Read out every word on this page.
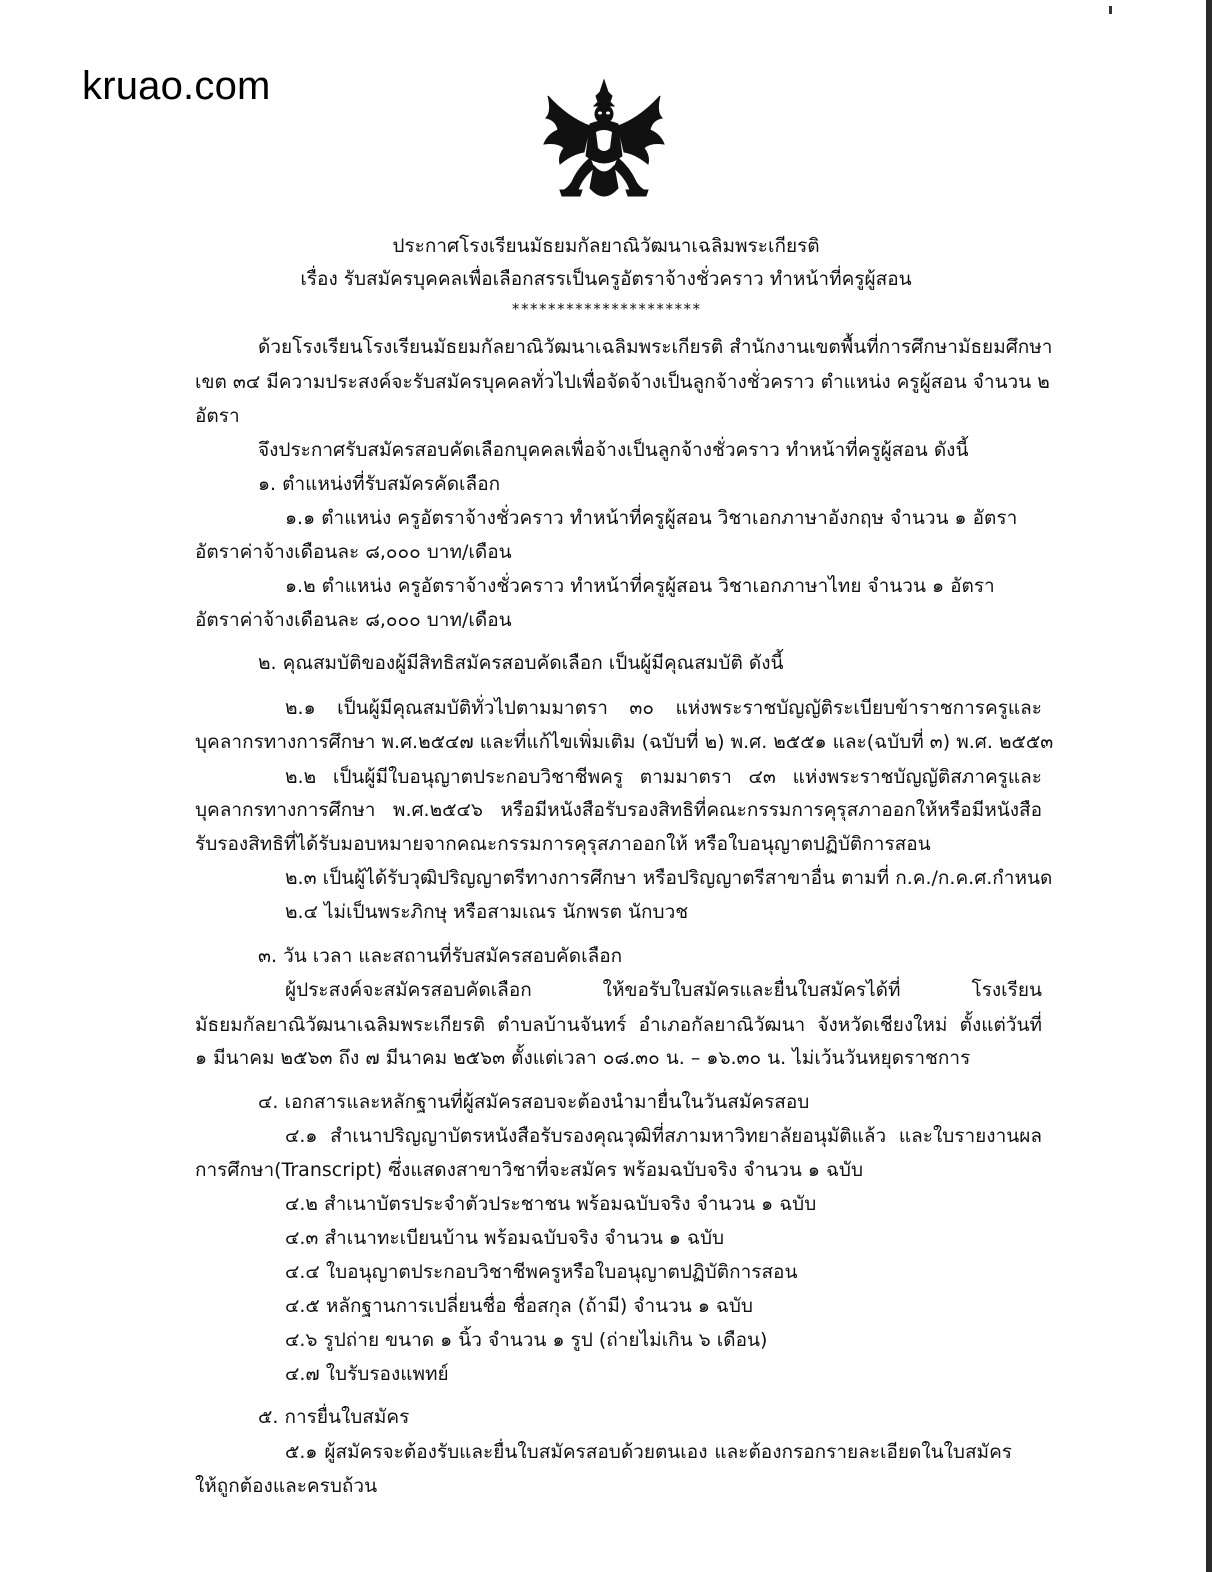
kruao.com
ประกาศโรงเรียนมัธยมกัลยาณิวัฒนาเฉลิมพระเกียรติ
เรื่อง รับสมัครบุคคลเพื่อเลือกสรรเป็นครูอัตราจ้างชั่วคราว ทำหน้าที่ครูผู้สอน
*********************
ด้วยโรงเรียนโรงเรียนมัธยมกัลยาณิวัฒนาเฉลิมพระเกียรติ สำนักงานเขตพื้นที่การศึกษามัธยมศึกษา
เขต ๓๔ มีความประสงค์จะรับสมัครบุคคลทั่วไปเพื่อจัดจ้างเป็นลูกจ้างชั่วคราว ตำแหน่ง ครูผู้สอน จำนวน ๒
อัตรา
จึงประกาศรับสมัครสอบคัดเลือกบุคคลเพื่อจ้างเป็นลูกจ้างชั่วคราว ทำหน้าที่ครูผู้สอน ดังนี้
๑. ตำแหน่งที่รับสมัครคัดเลือก
๑.๑ ตำแหน่ง ครูอัตราจ้างชั่วคราว ทำหน้าที่ครูผู้สอน วิชาเอกภาษาอังกฤษ จำนวน ๑ อัตรา
อัตราค่าจ้างเดือนละ ๘,๐๐๐ บาท/เดือน
๑.๒ ตำแหน่ง ครูอัตราจ้างชั่วคราว ทำหน้าที่ครูผู้สอน วิชาเอกภาษาไทย จำนวน ๑ อัตรา
อัตราค่าจ้างเดือนละ ๘,๐๐๐ บาท/เดือน
๒. คุณสมบัติของผู้มีสิทธิสมัครสอบคัดเลือก เป็นผู้มีคุณสมบัติ ดังนี้
๒.๑ เป็นผู้มีคุณสมบัติทั่วไปตามมาตรา ๓๐ แห่งพระราชบัญญัติระเบียบข้าราชการครูและ
บุคลากรทางการศึกษา พ.ศ.๒๕๔๗ และที่แก้ไขเพิ่มเติม (ฉบับที่ ๒) พ.ศ. ๒๕๕๑ และ(ฉบับที่ ๓) พ.ศ. ๒๕๕๓
๒.๒ เป็นผู้มีใบอนุญาตประกอบวิชาชีพครู ตามมาตรา ๔๓ แห่งพระราชบัญญัติสภาครูและ
บุคลากรทางการศึกษา พ.ศ.๒๕๔๖ หรือมีหนังสือรับรองสิทธิที่คณะกรรมการคุรุสภาออกให้หรือมีหนังสือ
รับรองสิทธิที่ได้รับมอบหมายจากคณะกรรมการคุรุสภาออกให้ หรือใบอนุญาตปฏิบัติการสอน
๒.๓ เป็นผู้ได้รับวุฒิปริญญาตรีทางการศึกษา หรือปริญญาตรีสาขาอื่น ตามที่ ก.ค./ก.ค.ศ.กำหนด
๒.๔ ไม่เป็นพระภิกษุ หรือสามเณร นักพรต นักบวช
๓. วัน เวลา และสถานที่รับสมัครสอบคัดเลือก
ผู้ประสงค์จะสมัครสอบคัดเลือก ให้ขอรับใบสมัครและยื่นใบสมัครได้ที่ โรงเรียน
มัธยมกัลยาณิวัฒนาเฉลิมพระเกียรติ ตำบลบ้านจันทร์ อำเภอกัลยาณิวัฒนา จังหวัดเชียงใหม่ ตั้งแต่วันที่
๑ มีนาคม ๒๕๖๓ ถึง ๗ มีนาคม ๒๕๖๓ ตั้งแต่เวลา ๐๘.๓๐ น. – ๑๖.๓๐ น. ไม่เว้นวันหยุดราชการ
๔. เอกสารและหลักฐานที่ผู้สมัครสอบจะต้องนำมายื่นในวันสมัครสอบ
๔.๑ สำเนาปริญญาบัตรหนังสือรับรองคุณวุฒิที่สภามหาวิทยาลัยอนุมัติแล้ว และใบรายงานผล
การศึกษา(Transcript) ซึ่งแสดงสาขาวิชาที่จะสมัคร พร้อมฉบับจริง จำนวน ๑ ฉบับ
๔.๒ สำเนาบัตรประจำตัวประชาชน พร้อมฉบับจริง จำนวน ๑ ฉบับ
๔.๓ สำเนาทะเบียนบ้าน พร้อมฉบับจริง จำนวน ๑ ฉบับ
๔.๔ ใบอนุญาตประกอบวิชาชีพครูหรือใบอนุญาตปฏิบัติการสอน
๔.๕ หลักฐานการเปลี่ยนชื่อ ชื่อสกุล (ถ้ามี) จำนวน ๑ ฉบับ
๔.๖ รูปถ่าย ขนาด ๑ นิ้ว จำนวน ๑ รูป (ถ่ายไม่เกิน ๖ เดือน)
๔.๗ ใบรับรองแพทย์
๕. การยื่นใบสมัคร
๕.๑ ผู้สมัครจะต้องรับและยื่นใบสมัครสอบด้วยตนเอง และต้องกรอกรายละเอียดในใบสมัคร
ให้ถูกต้องและครบถ้วน
